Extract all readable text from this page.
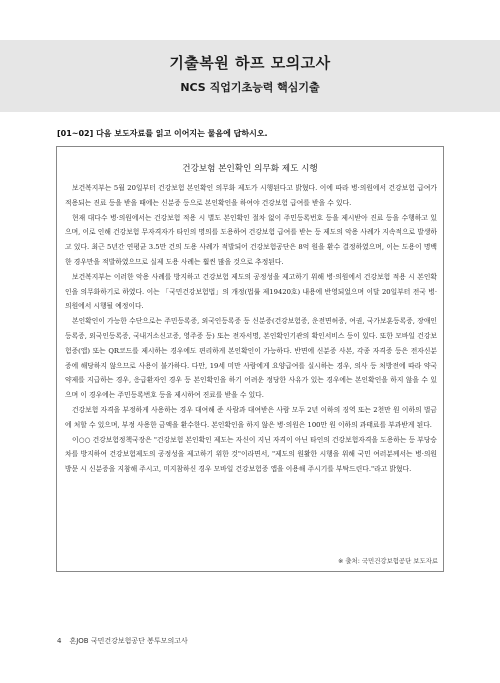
기출복원 하프 모의고사
NCS 직업기초능력 핵심기출
[01~02] 다음 보도자료를 읽고 이어지는 물음에 답하시오.
건강보험 본인확인 의무화 제도 시행

보건복지부는 5월 20일부터 건강보험 본인확인 의무화 제도가 시행된다고 밝혔다. 이에 따라 병·의원에서 건강보험 급여가 적용되는 진료 등을 받을 때에는 신분증 등으로 본인확인을 하여야 건강보험 급여를 받을 수 있다.

현재 대다수 병·의원에서는 건강보험 적용 시 별도 본인확인 절차 없이 주민등록번호 등을 제시받아 진료 등을 수행하고 있으며, 이로 인해 건강보험 무자격자가 타인의 명의를 도용하여 건강보험 급여를 받는 등 제도의 악용 사례가 지속적으로 발생하고 있다. 최근 5년간 연평균 3.5만 건의 도용 사례가 적발되어 건강보험공단은 8억 원을 환수 결정하였으며, 이는 도용이 명백한 경우만을 적발하였으므로 실제 도용 사례는 훨씬 많을 것으로 추정된다.

보건복지부는 이러한 악용 사례를 방지하고 건강보험 제도의 공정성을 제고하기 위해 병·의원에서 건강보험 적용 시 본인확인을 의무화하기로 하였다. 이는 「국민건강보험법」의 개정(법률 제19420호) 내용에 반영되었으며 이달 20일부터 전국 병·의원에서 시행될 예정이다.

본인확인이 가능한 수단으로는 주민등록증, 외국인등록증 등 신분증(건강보험증, 운전면허증, 여권, 국가보훈등록증, 장애인등록증, 외국인등록증, 국내거소신고증, 영주증 등) 또는 전자서명, 본인확인기관의 확인서비스 등이 있다. 또한 모바일 건강보험증(앱) 또는 QR코드를 제시하는 경우에도 편리하게 본인확인이 가능하다. 반면에 신분증 사본, 각종 자격증 등은 전자신분증에 해당하지 않으므로 사용이 불가하다. 다만, 19세 미만 사람에게 요양급여를 실시하는 경우, 의사 등 처방전에 따라 약국 약제를 지급하는 경우, 응급환자인 경우 등 본인확인을 하기 어려운 정당한 사유가 있는 경우에는 본인확인을 하지 않을 수 있으며 이 경우에는 주민등록번호 등을 제시하여 진료를 받을 수 있다.

건강보험 자격을 부정하게 사용하는 경우 대여해 준 사람과 대여받은 사람 모두 2년 이하의 징역 또는 2천만 원 이하의 벌금에 처할 수 있으며, 부정 사용한 금액을 환수한다. 본인확인을 하지 않은 병·의원은 100만 원 이하의 과태료를 부과받게 된다.

이○○ 건강보험정책국장은 "건강보험 본인확인 제도는 자신이 지닌 자격이 아닌 타인의 건강보험자격을 도용하는 등 부당승차를 방지하여 건강보험제도의 공정성을 제고하기 위한 것"이라면서, "제도의 원활한 시행을 위해 국민 여러분께서는 병·의원 방문 시 신분증을 지참해 주시고, 미지참하신 경우 모바일 건강보험증 앱을 이용해 주시기를 부탁드린다."라고 밝혔다.

※ 출처: 국민건강보험공단 보도자료
4 혼JOB 국민건강보험공단 봉투모의고사
